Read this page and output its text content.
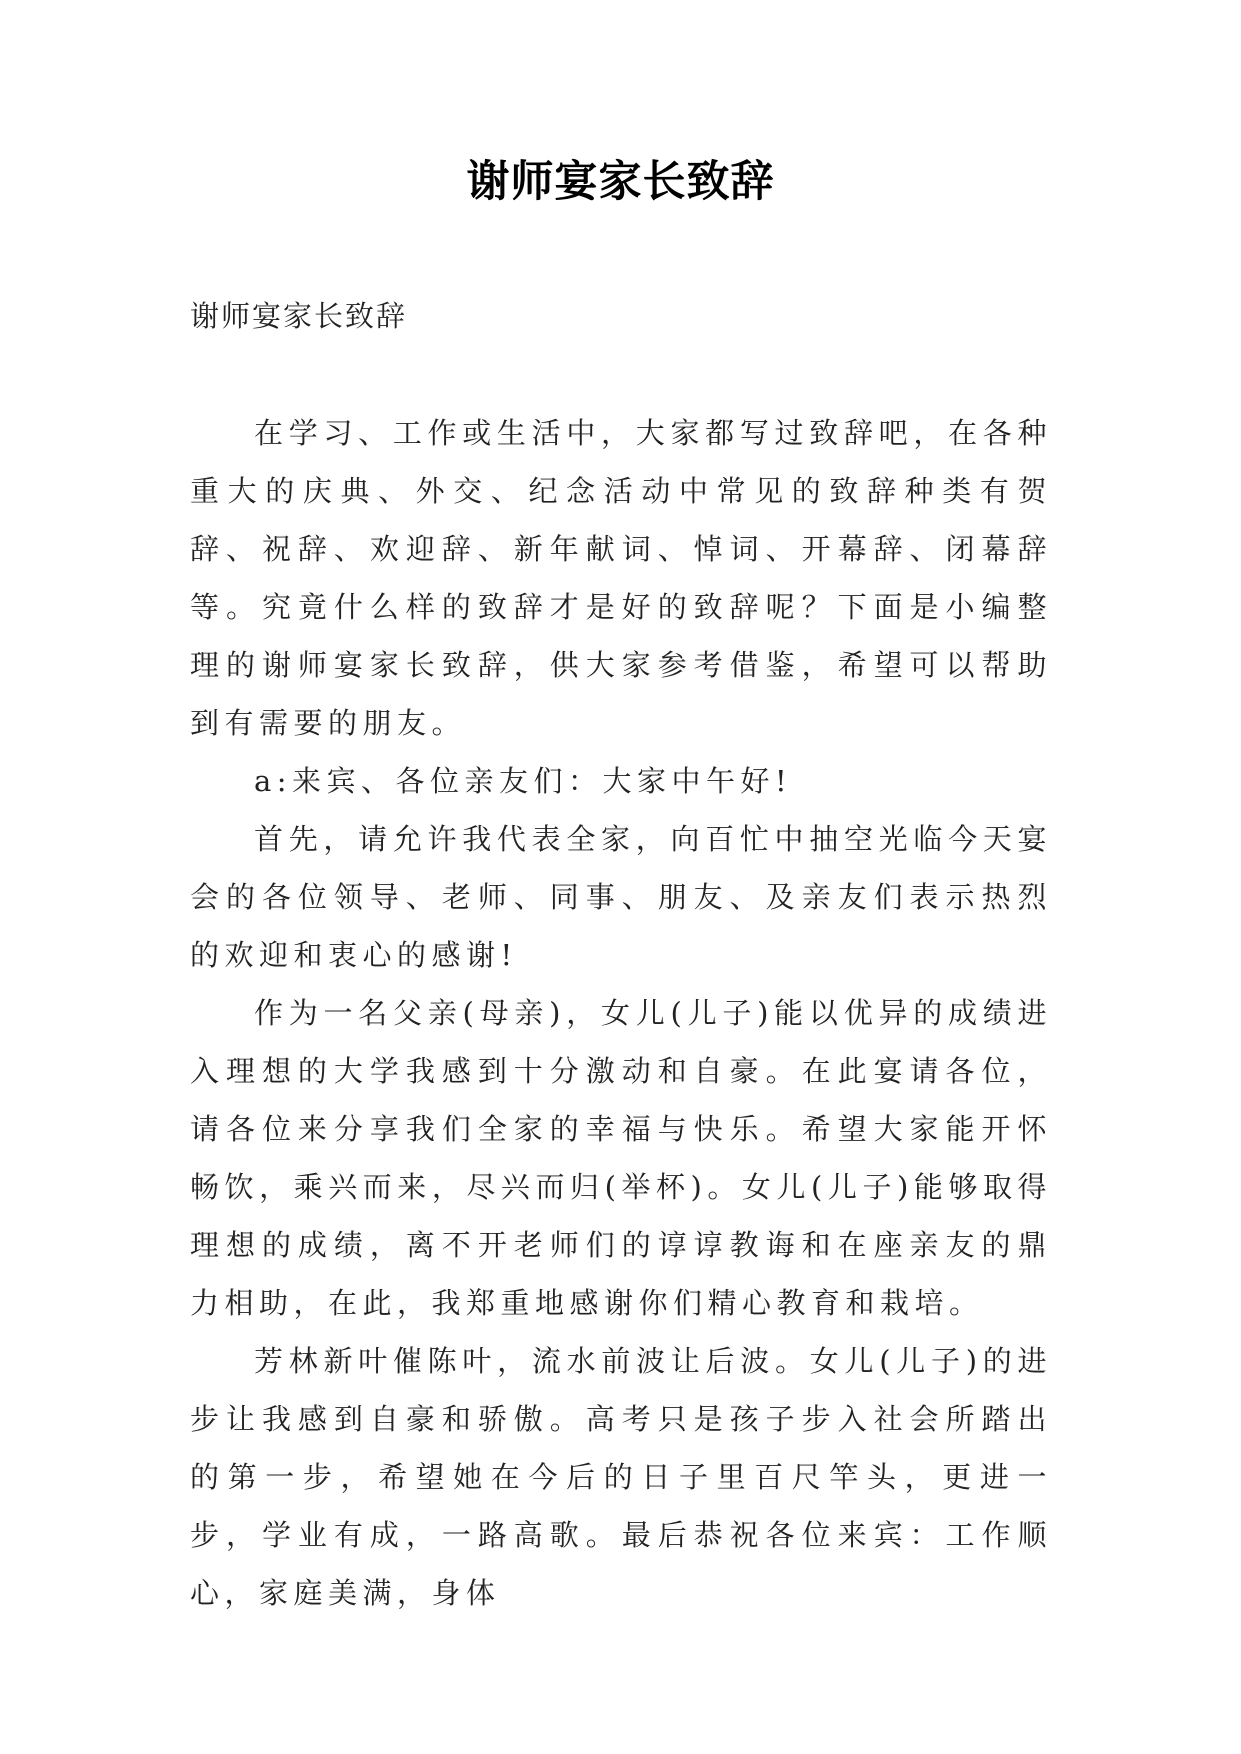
谢师宴家长致辞
谢师宴家长致辞

在学习、工作或生活中，大家都写过致辞吧，在各种重大的庆典、外交、纪念活动中常见的致辞种类有贺辞、祝辞、欢迎辞、新年献词、悼词、开幕辞、闭幕辞等。究竟什么样的致辞才是好的致辞呢？下面是小编整理的谢师宴家长致辞，供大家参考借鉴，希望可以帮助到有需要的朋友。

a:来宾、各位亲友们：大家中午好!

首先，请允许我代表全家，向百忙中抽空光临今天宴会的各位领导、老师、同事、朋友、及亲友们表示热烈的欢迎和衷心的感谢!

作为一名父亲(母亲)，女儿(儿子)能以优异的成绩进入理想的大学我感到十分激动和自豪。在此宴请各位，请各位来分享我们全家的幸福与快乐。希望大家能开怀畅饮，乘兴而来，尽兴而归(举杯)。女儿(儿子)能够取得理想的成绩，离不开老师们的谆谆教诲和在座亲友的鼎力相助，在此，我郑重地感谢你们精心教育和栽培。

芳林新叶催陈叶，流水前波让后波。女儿(儿子)的进步让我感到自豪和骄傲。高考只是孩子步入社会所踏出的第一步，希望她在今后的日子里百尺竿头，更进一步，学业有成，一路高歌。最后恭祝各位来宾：工作顺心，家庭美满，身体
